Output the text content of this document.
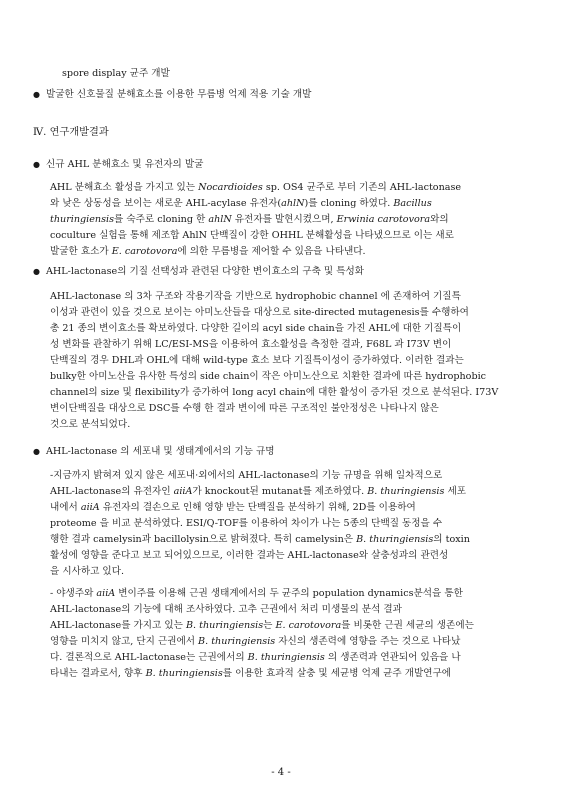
spore display 균주 개발
● 발굴한 신호물질 분해효소를 이용한 무름병 억제 적용 기술 개발
Ⅳ. 연구개발결과
● 신규 AHL 분해효소 및 유전자의 발굴
AHL 분해효소 활성을 가지고 있는 Nocardioides sp. OS4 균주로 부터 기존의 AHL-lactonase
와 낮은 상동성을 보이는 새로운 AHL-acylase 유전자(ahlN)를 cloning 하였다. Bacillus
thuringiensis를 숙주로 cloning 한 ahlN 유전자를 발현시켰으며, Erwinia carotovora와의
coculture 실험을 통해 제조합 AhlN 단백질이 강한 OHHL 분해활성을 나타냈으므로 이는 새로
발굴한 효소가 E. carotovora에 의한 무름병을 제어할 수 있음을 나타낸다.
● AHL-lactonase의 기질 선택성과 관련된 다양한 변이효소의 구축 및 특성화
AHL-lactonase 의 3차 구조와 작용기작을 기반으로 hydrophobic channel 에 존재하여 기질특
이성과 관련이 있을 것으로 보이는 아미노산들을 대상으로 site-directed mutagenesis를 수행하여
총 21 종의 변이효소를 확보하였다. 다양한 길이의 acyl side chain을 가진 AHL에 대한 기질특이
성 변화를 관찰하기 위해 LC/ESI-MS을 이용하여 효소활성을 측정한 결과, F68L 과 I73V 변이
단백질의 경우 DHL과 OHL에 대해 wild-type 효소 보다 기질특이성이 증가하였다. 이러한 결과는
bulky한 아미노산을 유사한 특성의 side chain이 작은 아미노산으로 치환한 결과에 따른 hydrophobic
channel의 size 및 flexibility가 증가하여 long acyl chain에 대한 활성이 증가된 것으로 분석된다. I73V
변이단백질을 대상으로 DSC를 수행 한 결과 변이에 따른 구조적인 불안정성은 나타나지 않은
것으로 분석되었다.
● AHL-lactonase 의 세포내 및 생태계에서의 기능 규명
-지금까지 밝혀져 있지 않은 세포내·외에서의 AHL-lactonase의 기능 규명을 위해 일차적으로
AHL-lactonase의 유전자인 aiiA가 knockout된 mutanat를 제조하였다. B. thuringiensis 세포
내에서 aiiA 유전자의 결손으로 인해 영향 받는 단백질을 분석하기 위해, 2D를 이용하여
proteome 을 비교 분석하였다. ESI/Q-TOF를 이용하여 차이가 나는 5종의 단백질 동정을 수
행한 결과 camelysin과 bacillolysin으로 밝혀졌다. 특히 camelysin은 B. thuringiensis의 toxin
활성에 영향을 준다고 보고 되어있으므로, 이러한 결과는 AHL-lactonase와 살충성과의 관련성
을 시사하고 있다.
- 야생주와 aiiA 변이주를 이용해 근권 생태계에서의 두 균주의 population dynamics분석을 통한
AHL-lactonase의 기능에 대해 조사하였다. 고추 근권에서 처리 미생물의 분석 결과
AHL-lactonase를 가지고 있는 B. thuringiensis는 E. carotovora를 비롯한 근권 세균의 생존에는
영향을 미치지 않고, 단지 근권에서 B. thuringiensis 자신의 생존력에 영향을 주는 것으로 나타났
다. 결론적으로 AHL-lactonase는 근권에서의 B. thuringiensis 의 생존력과 연관되어 있음을 나
타내는 결과로서, 향후 B. thuringiensis를 이용한 효과적 살충 및 세균병 억제 균주 개발연구에
- 4 -
